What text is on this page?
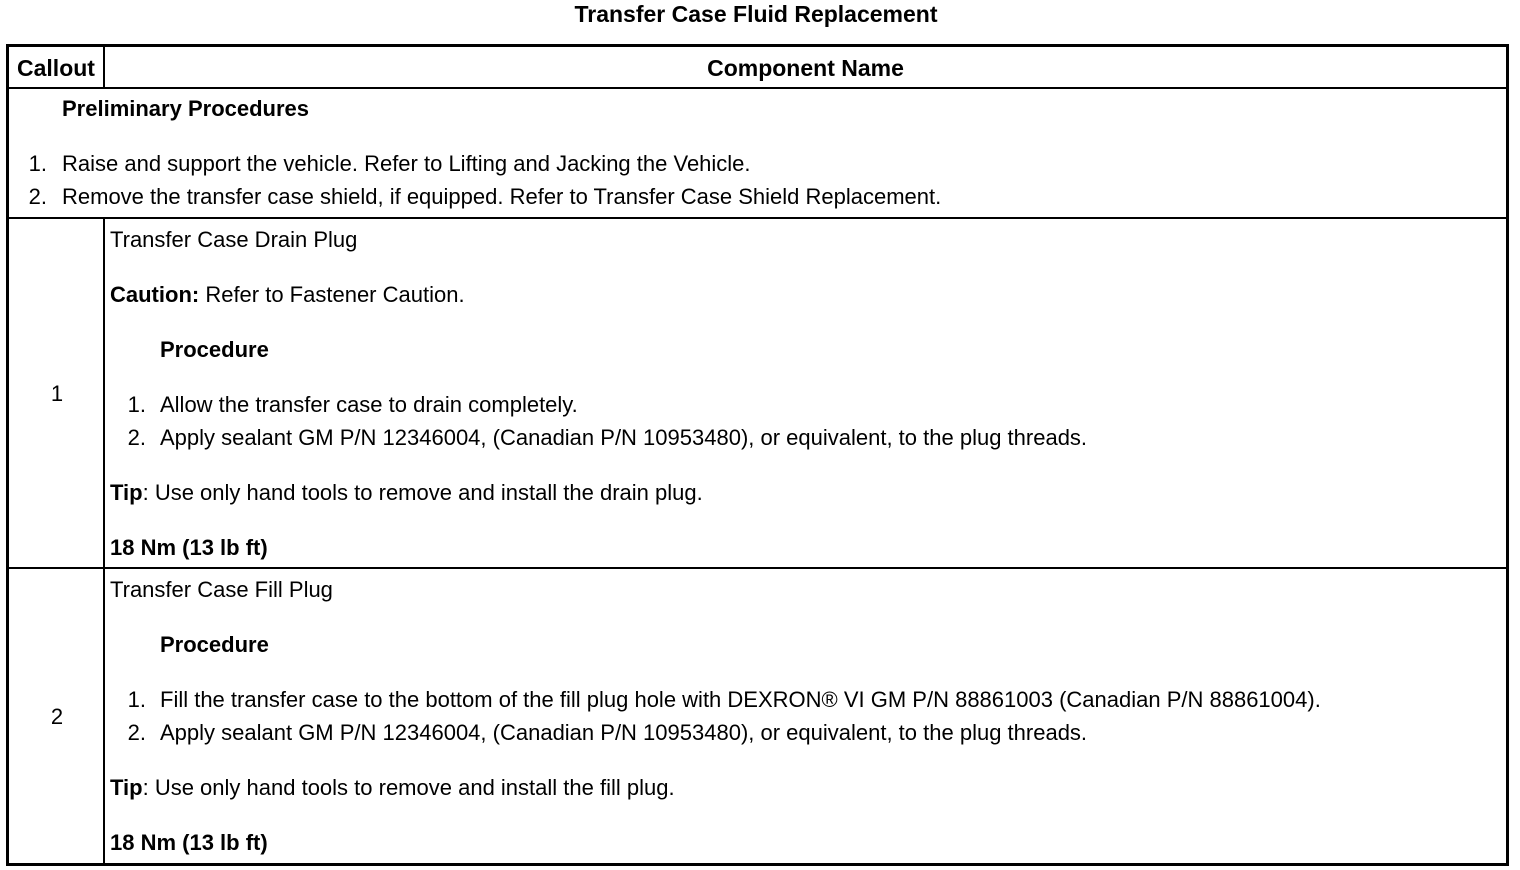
Transfer Case Fluid Replacement
Callout	Component Name
Preliminary Procedures
1. Raise and support the vehicle. Refer to Lifting and Jacking the Vehicle.
2. Remove the transfer case shield, if equipped. Refer to Transfer Case Shield Replacement.
1
Transfer Case Drain Plug
Caution: Refer to Fastener Caution.
Procedure
1. Allow the transfer case to drain completely.
2. Apply sealant GM P/N 12346004, (Canadian P/N 10953480), or equivalent, to the plug threads.
Tip: Use only hand tools to remove and install the drain plug.
18 Nm (13 lb ft)
2
Transfer Case Fill Plug
Procedure
1. Fill the transfer case to the bottom of the fill plug hole with DEXRON® VI GM P/N 88861003 (Canadian P/N 88861004).
2. Apply sealant GM P/N 12346004, (Canadian P/N 10953480), or equivalent, to the plug threads.
Tip: Use only hand tools to remove and install the fill plug.
18 Nm (13 lb ft)
